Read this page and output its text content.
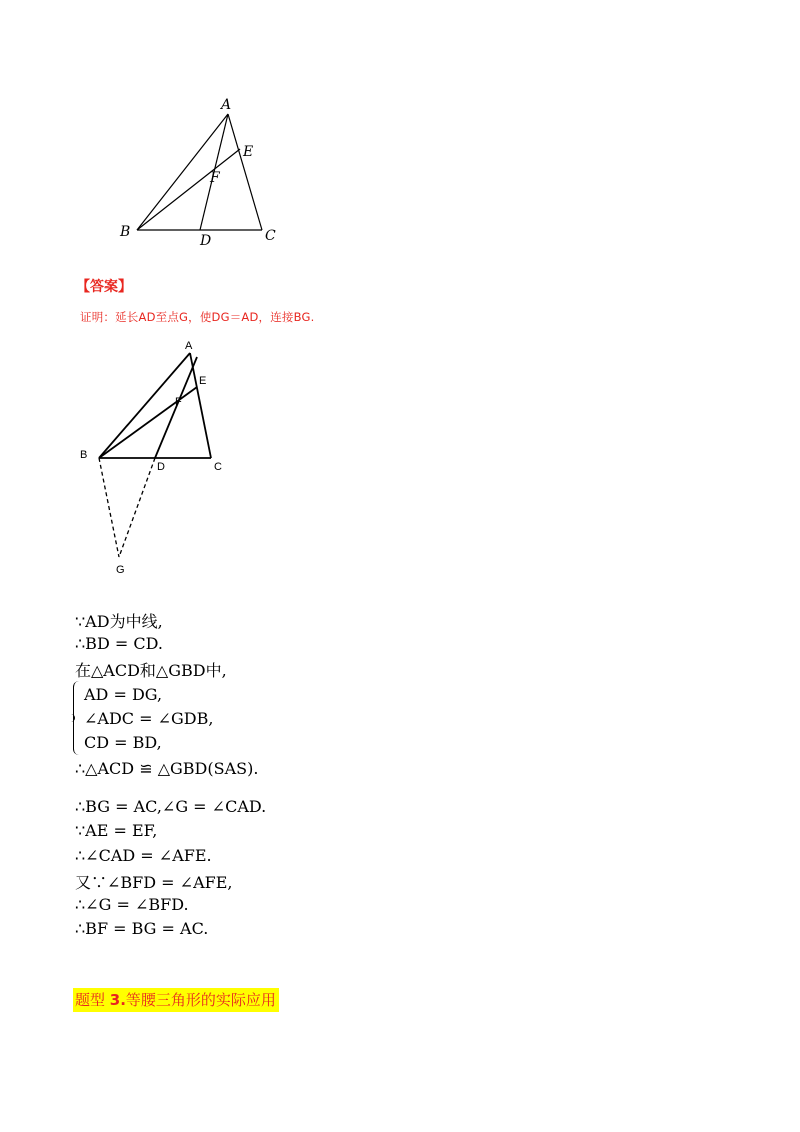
A
B	C
D
E
F
【答案】
证明：延长AD至点G，使DG＝AD，连接BG.
A
B
C
D
E
F
G
∵AD为中线,
∴BD = CD.
在△ACD和△GBD中,
AD = DG,
∠ADC = ∠GDB,
CD = BD,
∴△ACD ≌ △GBD(SAS).
∴BG = AC,∠G = ∠CAD.
∵AE = EF,
∴∠CAD = ∠AFE.
又∵∠BFD = ∠AFE,
∴∠G = ∠BFD.
∴BF = BG = AC.
题型 3.等腰三角形的实际应用
